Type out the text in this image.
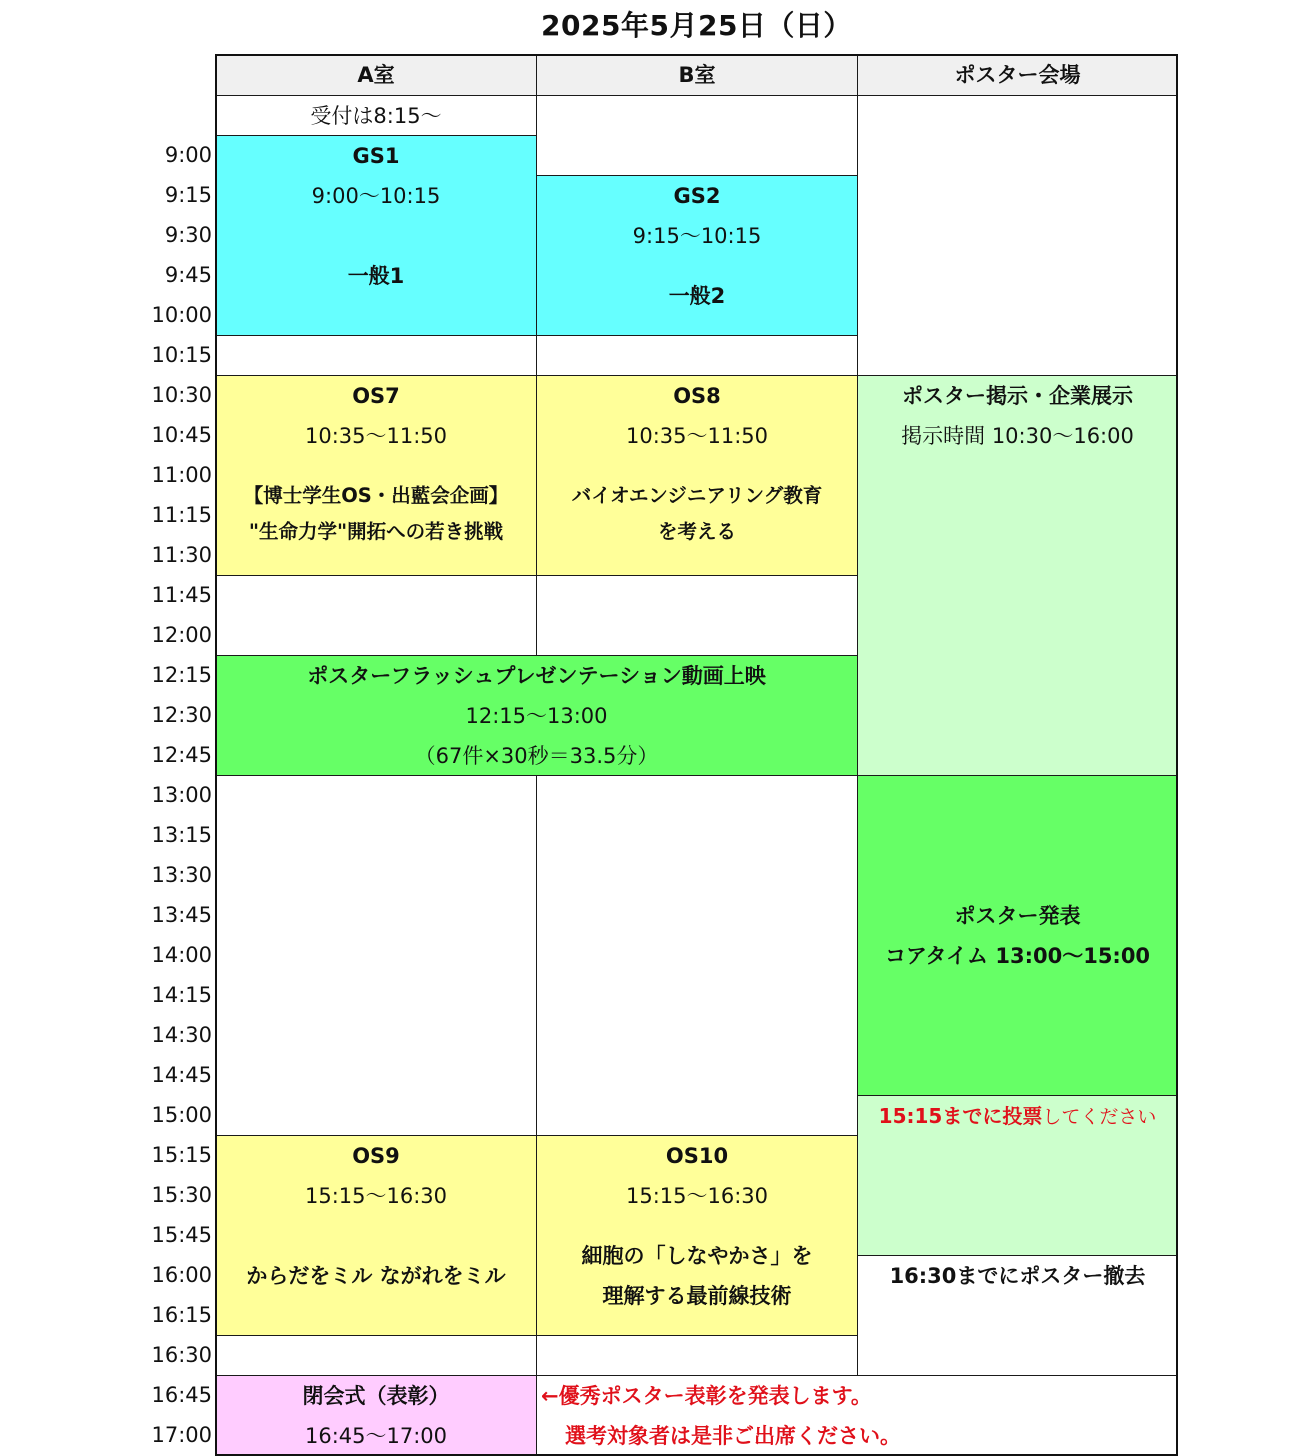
2025年5月25日（日）
9:00
9:15
9:30
9:45
10:00
10:15
10:30
10:45
11:00
11:15
11:30
11:45
12:00
12:15
12:30
12:45
13:00
13:15
13:30
13:45
14:00
14:15
14:30
14:45
15:00
15:15
15:30
15:45
16:00
16:15
16:30
16:45
17:00
A室	B室	ポスター会場
受付は8:15～
GS1
9:00～10:15
一般1
OS7
10:35～11:50
【博士学生OS・出藍会企画】
"生命力学"開拓への若き挑戦
GS2
9:15～10:15
一般2
OS8
10:35～11:50
バイオエンジニアリング教育
を考える
ポスターフラッシュプレゼンテーション動画上映
12:15～13:00
（67件×30秒＝33.5分）
OS9
15:15～16:30
からだをミル ながれをミル
OS10
15:15～16:30
細胞の「しなやかさ」を
理解する最前線技術
ポスター掲示・企業展示
掲示時間 10:30～16:00
ポスター発表
コアタイム 13:00～15:00
15:15までに投票してください
16:30までにポスター撤去
閉会式（表彰）
16:45～17:00
←優秀ポスター表彰を発表します。
選考対象者は是非ご出席ください。
